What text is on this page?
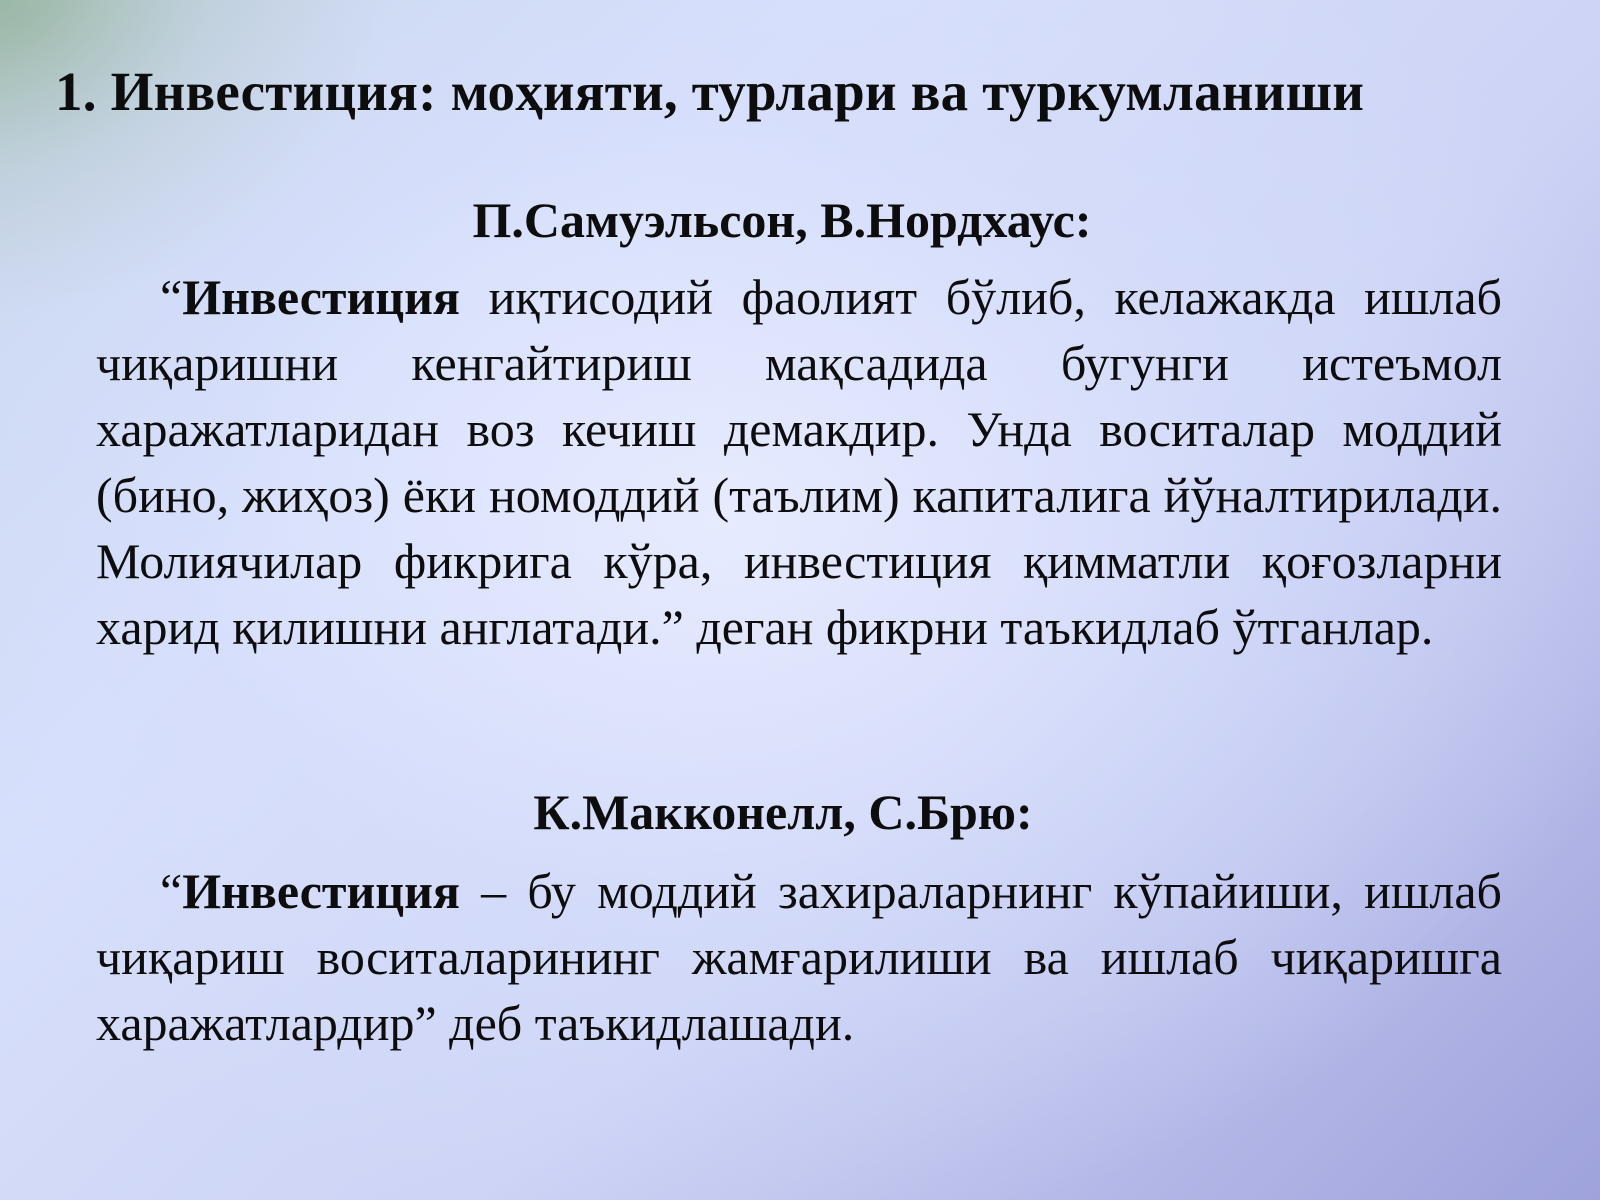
1. Инвестиция: моҳияти, турлари ва туркумланиши
П.Самуэльсон, В.Нордхаус:

“Инвестиция иқтисодий фаолият бўлиб, келажакда ишлаб чиқаришни кенгайтириш мақсадида бугунги истеъмол харажатларидан воз кечиш демакдир. Унда воситалар моддий (бино, жиҳоз) ёки номоддий (таълим) капиталига йўналтирилади. Молиячилар фикрига кўра, инвестиция қимматли қоғозларни харид қилишни англатади.” деган фикрни таъкидлаб ўтганлар.

К.Макконелл, С.Брю:

“Инвестиция – бу моддий захираларнинг кўпайиши, ишлаб чиқариш воситаларининг жамғарилиши ва ишлаб чиқаришга харажатлардир” деб таъкидлашади.
